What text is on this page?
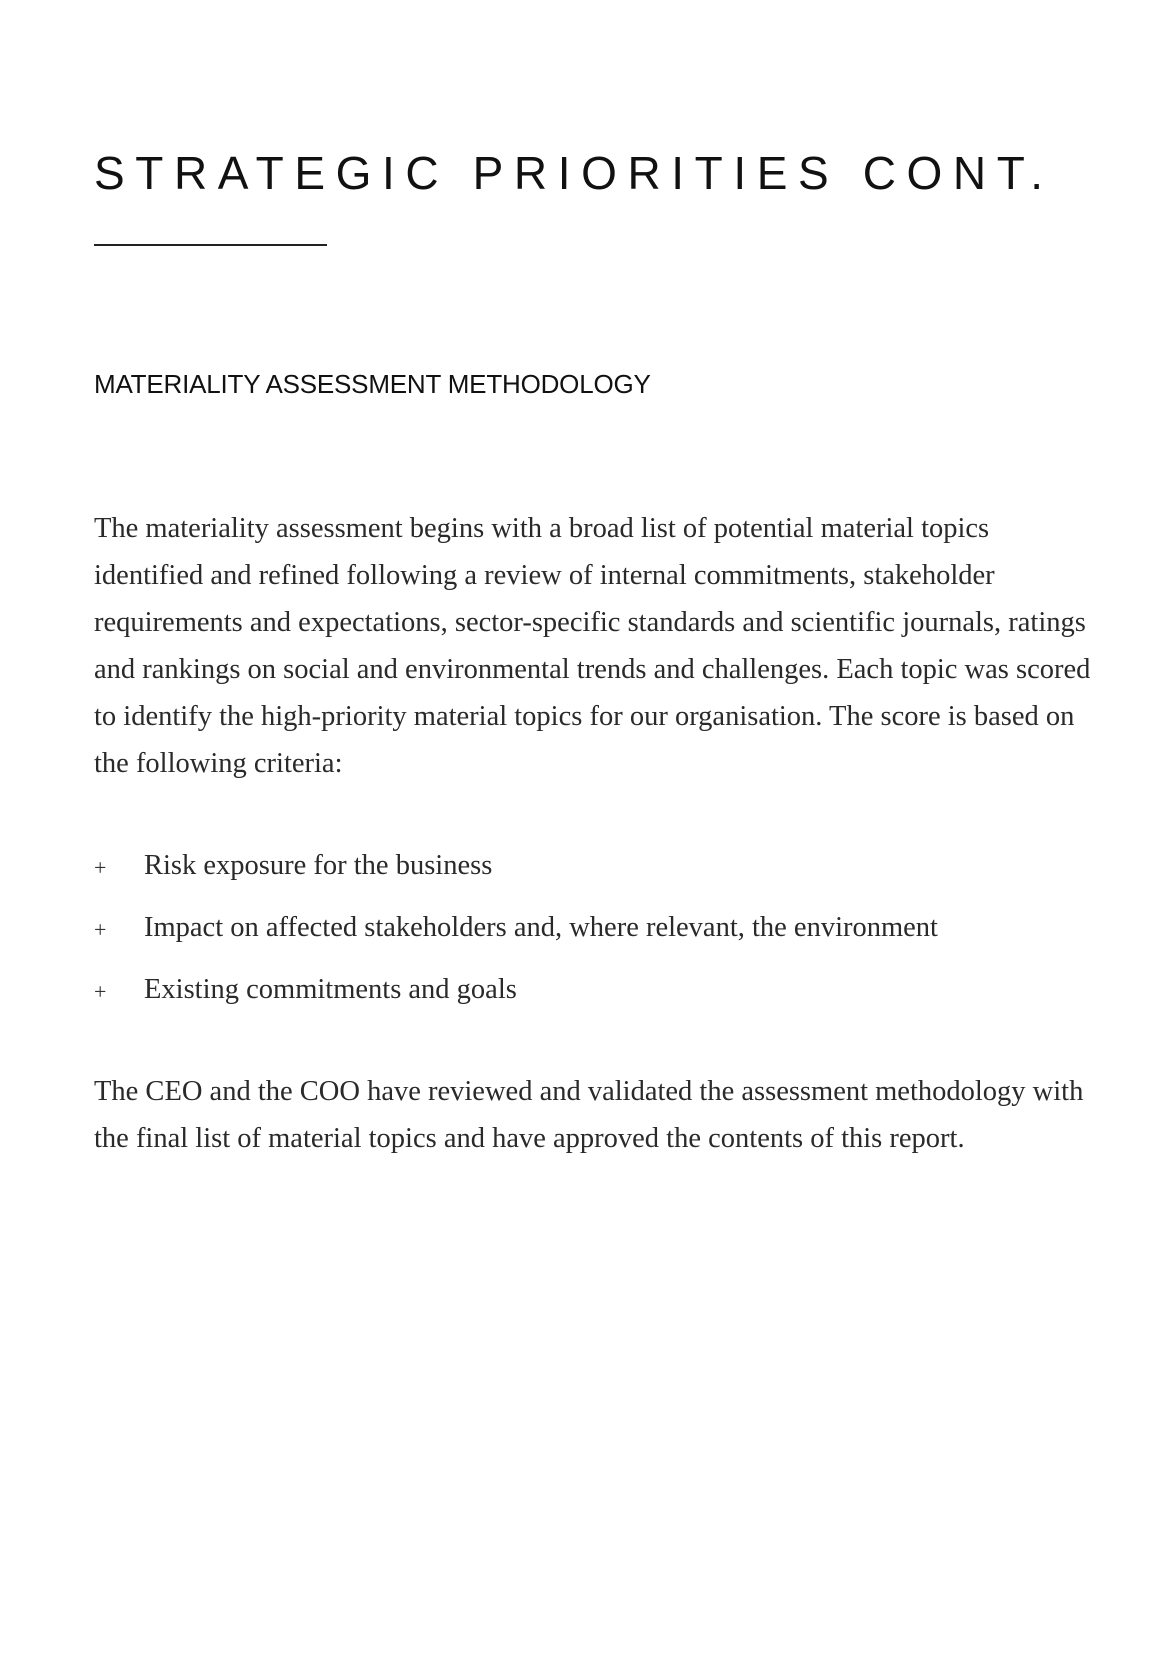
STRATEGIC PRIORITIES CONT.
MATERIALITY ASSESSMENT METHODOLOGY

The materiality assessment begins with a broad list of potential material topics identified and refined following a review of internal commitments, stakeholder requirements and expectations, sector-specific standards and scientific journals, ratings and rankings on social and environmental trends and challenges. Each topic was scored to identify the high-priority material topics for our organisation. The score is based on the following criteria:

+ Risk exposure for the business
+ Impact on affected stakeholders and, where relevant, the environment
+ Existing commitments and goals

The CEO and the COO have reviewed and validated the assessment methodology with the final list of material topics and have approved the contents of this report.
